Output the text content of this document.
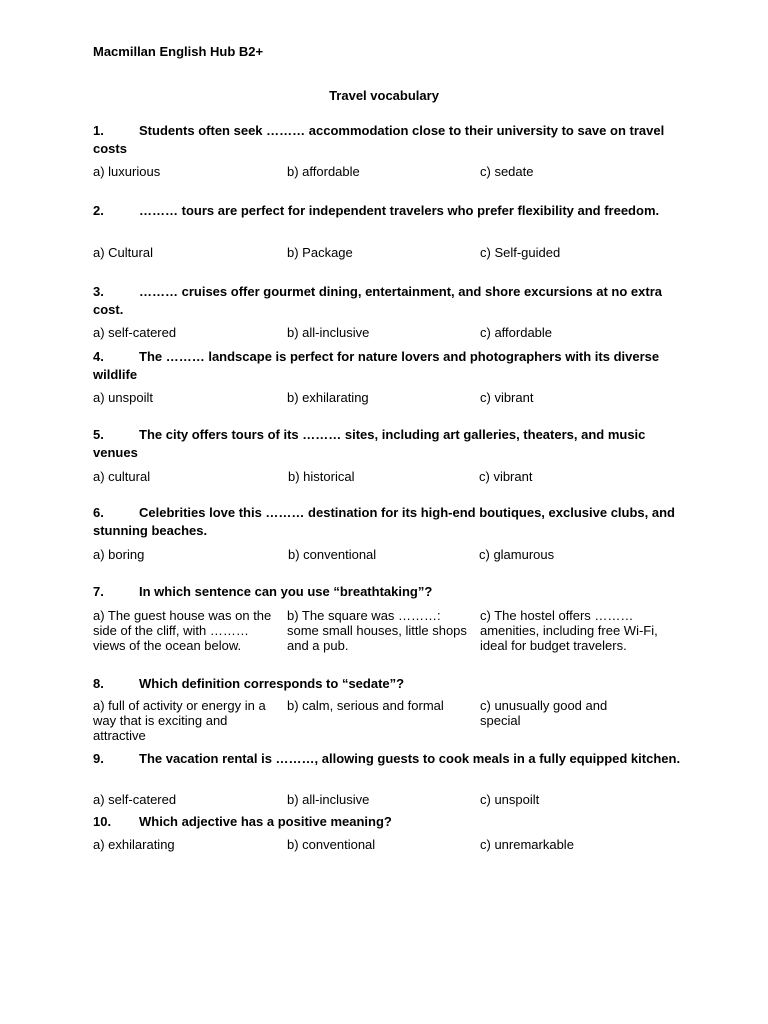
Macmillan English Hub B2+
Travel vocabulary
1.	Students often seek ……… accommodation close to their university to save on travel costs
a) luxurious	b) affordable	c) sedate
2.	……… tours are perfect for independent travelers who prefer flexibility and freedom.
a) Cultural	b) Package	c) Self-guided
3.	……… cruises offer gourmet dining, entertainment, and shore excursions at no extra cost.
a) self-catered	b) all-inclusive	c) affordable
4.	The ……… landscape is perfect for nature lovers and photographers with its diverse wildlife
a) unspoilt	b) exhilarating	c) vibrant
5.	The city offers tours of its ……… sites, including art galleries, theaters, and music venues
a) cultural	b) historical	c) vibrant
6.	Celebrities love this ……… destination for its high-end boutiques, exclusive clubs, and stunning beaches.
a) boring	b) conventional	c) glamurous
7.	In which sentence can you use “breathtaking”?
a) The guest house was on the side of the cliff, with ……… views of the ocean below.
b) The square was ………: some small houses, little shops and a pub.
c) The hostel offers ……… amenities, including free Wi-Fi, ideal for budget travelers.
8.	Which definition corresponds to “sedate”?
a) full of activity or energy in a way that is exciting and attractive
b) calm, serious and formal	c) unusually good and special
9.	The vacation rental is ………, allowing guests to cook meals in a fully equipped kitchen.
a) self-catered	b) all-inclusive	c) unspoilt
10. Which adjective has a positive meaning?
a) exhilarating	b) conventional	c) unremarkable
